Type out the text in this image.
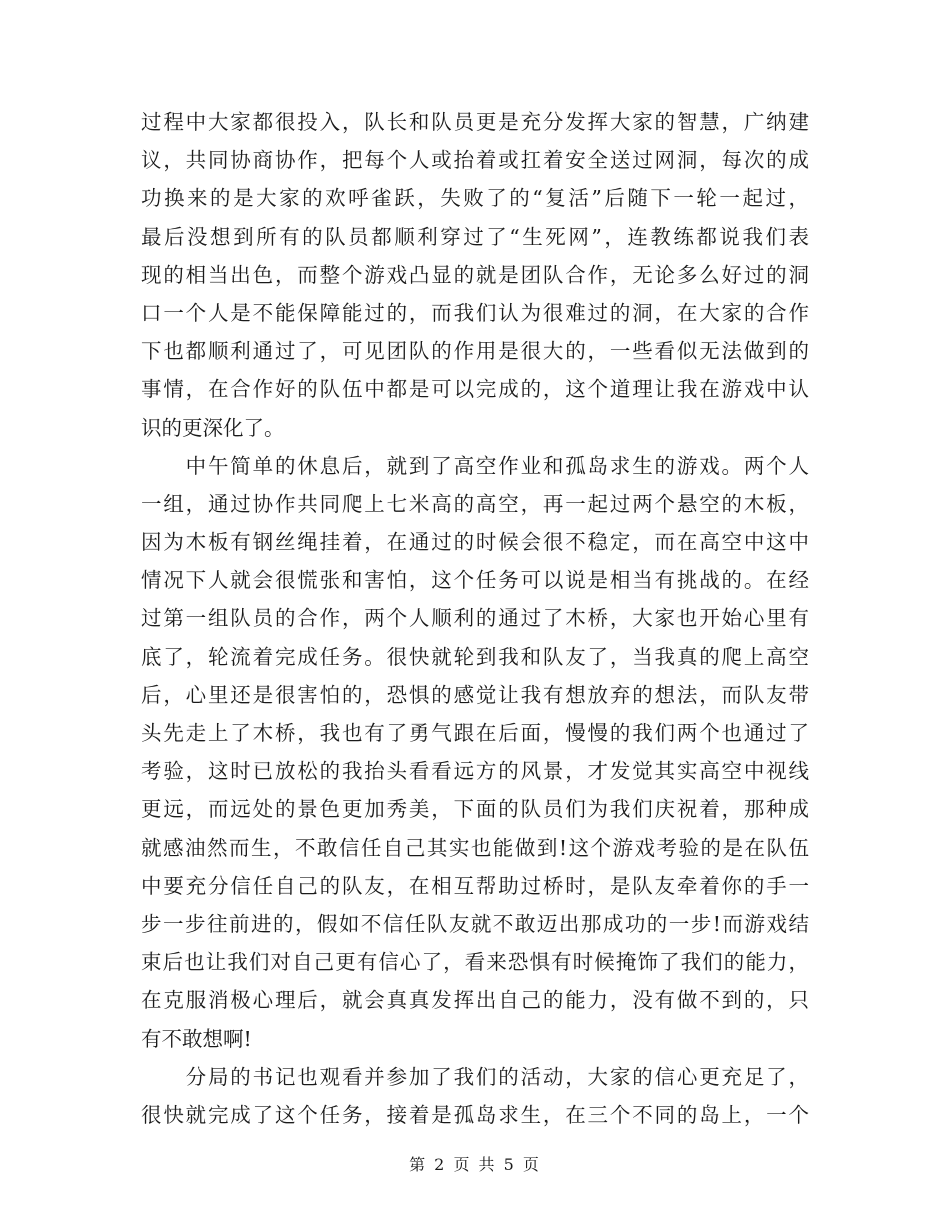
过程中大家都很投入，队长和队员更是充分发挥大家的智慧，广纳建
议，共同协商协作，把每个人或抬着或扛着安全送过网洞，每次的成
功换来的是大家的欢呼雀跃，失败了的“复活”后随下一轮一起过，
最后没想到所有的队员都顺利穿过了“生死网”，连教练都说我们表
现的相当出色，而整个游戏凸显的就是团队合作，无论多么好过的洞
口一个人是不能保障能过的，而我们认为很难过的洞，在大家的合作
下也都顺利通过了，可见团队的作用是很大的，一些看似无法做到的
事情，在合作好的队伍中都是可以完成的，这个道理让我在游戏中认
识的更深化了。
　　中午简单的休息后，就到了高空作业和孤岛求生的游戏。两个人
一组，通过协作共同爬上七米高的高空，再一起过两个悬空的木板，
因为木板有钢丝绳挂着，在通过的时候会很不稳定，而在高空中这中
情况下人就会很慌张和害怕，这个任务可以说是相当有挑战的。在经
过第一组队员的合作，两个人顺利的通过了木桥，大家也开始心里有
底了，轮流着完成任务。很快就轮到我和队友了，当我真的爬上高空
后，心里还是很害怕的，恐惧的感觉让我有想放弃的想法，而队友带
头先走上了木桥，我也有了勇气跟在后面，慢慢的我们两个也通过了
考验，这时已放松的我抬头看看远方的风景，才发觉其实高空中视线
更远，而远处的景色更加秀美，下面的队员们为我们庆祝着，那种成
就感油然而生，不敢信任自己其实也能做到!这个游戏考验的是在队伍
中要充分信任自己的队友，在相互帮助过桥时，是队友牵着你的手一
步一步往前进的，假如不信任队友就不敢迈出那成功的一步!而游戏结
束后也让我们对自己更有信心了，看来恐惧有时候掩饰了我们的能力，
在克服消极心理后，就会真真发挥出自己的能力，没有做不到的，只
有不敢想啊!
　　分局的书记也观看并参加了我们的活动，大家的信心更充足了，
很快就完成了这个任务，接着是孤岛求生，在三个不同的岛上，一个
第 2 页 共 5 页
